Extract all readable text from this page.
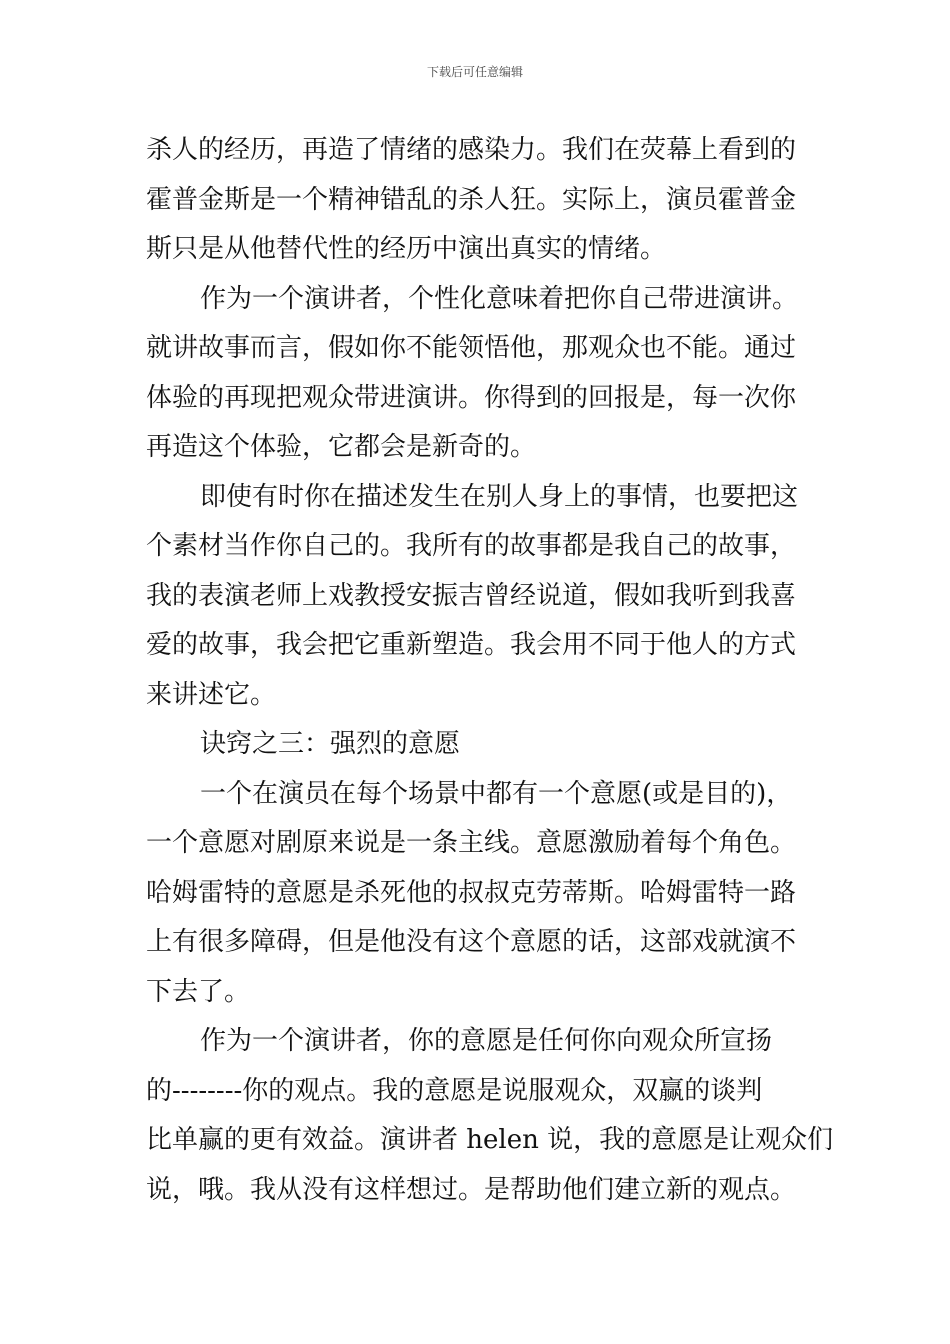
下载后可任意编辑
杀人的经历，再造了情绪的感染力。我们在荧幕上看到的
霍普金斯是一个精神错乱的杀人狂。实际上，演员霍普金
斯只是从他替代性的经历中演出真实的情绪。
作为一个演讲者，个性化意味着把你自己带进演讲。
就讲故事而言，假如你不能领悟他，那观众也不能。通过
体验的再现把观众带进演讲。你得到的回报是，每一次你
再造这个体验，它都会是新奇的。
即使有时你在描述发生在别人身上的事情，也要把这
个素材当作你自己的。我所有的故事都是我自己的故事，
我的表演老师上戏教授安振吉曾经说道，假如我听到我喜
爱的故事，我会把它重新塑造。我会用不同于他人的方式
来讲述它。
诀窍之三：强烈的意愿
一个在演员在每个场景中都有一个意愿(或是目的)，
一个意愿对剧原来说是一条主线。意愿激励着每个角色。
哈姆雷特的意愿是杀死他的叔叔克劳蒂斯。哈姆雷特一路
上有很多障碍，但是他没有这个意愿的话，这部戏就演不
下去了。
作为一个演讲者，你的意愿是任何你向观众所宣扬
的--------你的观点。我的意愿是说服观众，双赢的谈判
比单赢的更有效益。演讲者 helen 说，我的意愿是让观众们
说，哦。我从没有这样想过。是帮助他们建立新的观点。
